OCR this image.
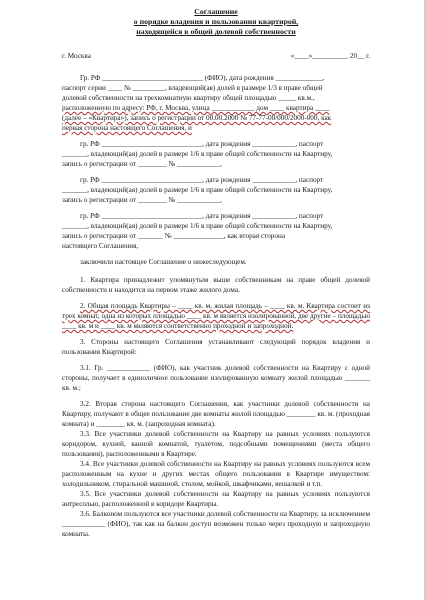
Соглашение
о порядке владения и пользования квартирой,
находящейся в общей долевой собственности
г. Москва	«____»__________ 20__ г.
Гр. РФ ____________________________ (ФИО), дата рождения _____________,
паспорт серии ____ № _________, владеющий(ая) долей в размере 1/3 в праве общей
долевой собственности на трехкомнатную квартиру общей площадью _____ кв.м.,
расположенную по адресу: РФ, г. Москва, улица ____________ дом ____ квартира ____
(далее – «Квартира»), запись о регистрации от 00.00.2000 № 77-77-00/000/2000-000, как
первая сторона настоящего Соглашения, и
гр. РФ ____________________________, дата рождения ____________, паспорт
_______, владеющий(ая) долей в размере 1/6 в праве общей собственности на Квартиру,
запись о регистрации от ________ № ____________,
гр. РФ ____________________________, дата рождения ____________, паспорт
_______, владеющий(ая) долей в размере 1/6 в праве общей собственности на Квартиру,
запись о регистрации от ________ № ____________,
гр. РФ ____________________________, дата рождения ____________, паспорт
_______, владеющий(ая) долей в размере 1/6 в праве общей собственности на Квартиру,
запись о регистрации от _______ № ______________, как вторая сторона
настоящего Соглашения,
заключили настоящее Соглашение о нижеследующем.
1. Квартира принадлежит упомянутым выше собственникам на праве общей долевой собственности и находится на первом этаже жилого дома.
2. Общая площадь Квартиры – ____ кв. м, жилая площадь – ____ кв. м. Квартира состоит из трех комнат, одна из которых площадью ____ кв. м является изолированной, две другие – площадью ____ кв. м и ____ кв. м являются соответственно проходной и запроходной.
3. Стороны настоящего Соглашения устанавливают следующий порядок владения и пользования Квартирой:
3.1. Гр. ____________ (ФИО), как участник долевой собственности на Квартиру с одной стороны, получает в единоличное пользование изолированную комнату жилой площадью _______ кв. м.;
3.2. Вторая сторона настоящего Соглашения, как участники долевой собственности на Квартиру, получают в общее пользование две комнаты жилой площадью ________ кв. м. (проходная комната) и ________ кв. м. (запроходная комната).
3.3. Все участники долевой собственности на Квартиру на равных условиях пользуются коридором, кухней, ванной комнатой, туалетом, подсобными помещениями (места общего пользования), расположенными в Квартире.
3.4. Все участники долевой собственности на Квартиру на равных условиях пользуются всем расположенным на кухне и других местах общего пользования в Квартире имуществом: холодильником, стиральной машиной, столом, мойкой, шкафчиками, вешалкой и т.п.
3.5. Все участники долевой собственности на Квартиру на равных условиях пользуются антресолью, расположенной в коридоре Квартиры.
3.6. Балконом пользуются все участники долевой собственности на Квартиру, за исключением ____________ (ФИО), так как на балкон доступ возможен только через проходную и запроходную комнаты.
